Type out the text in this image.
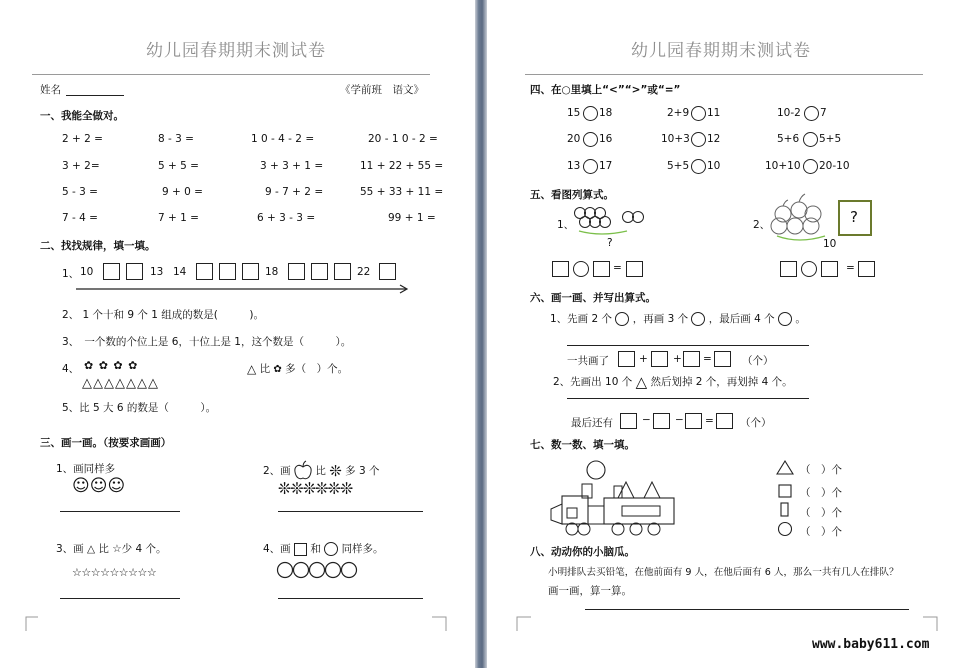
幼儿园春期期末测试卷
姓名	《学前班　语文》
一、我能全做对。
2 + 2 =	8 - 3 =	1 0 - 4 - 2 =	20 - 1 0 - 2 =
3 + 2=	5 + 5 =	3 + 3 + 1 =	11 + 22 + 55 =
5 - 3 =	9 + 0 =	9 - 7 + 2 =	55 + 33 + 11 =
7 - 4 =	7 + 1 =	6 + 3 - 3 =	99 + 1 =
二、找找规律，填一填。
1、 10	13 14	18	22
2、 1 个十和 9 个 1 组成的数是(　　　)。
3、　一个数的个位上是 6，十位上是 1，这个数是（　　　）。
4、 ✿ ✿ ✿ ✿
△△△△△△△
△ 比 ✿ 多（　）个。
5、比 5 大 6 的数是（　　　）。
三、画一画。（按要求画画）
1、画同样多
☺☺☺
2、画 比 ❊ 多 3 个
❊❊❊❊❊❊
3、画 △ 比 ☆少 4 个。
☆☆☆☆☆☆☆☆☆
4、画 和 同样多。
幼儿园春期期末测试卷
四、在○里填上“<”“>”或“=”
15 18	2+9 11	10-2 7
20 16	10+3 12	5+6 5+5
13 17	5+5 10	10+10 20-10
五、看图列算式。
1、
?
=
2、	?
10
=
六、画一画、并写出算式。
1、先画 2 个 ，再画 3 个 ，最后画 4 个 。
一共画了	+ + =	（个）
2、先画出 10 个 △ 然后划掉 2 个，再划掉 4 个。
最后还有	− − = （个）
七、数一数、填一填。
（　）个
（　）个
（　）个
（　）个
八、动动你的小脑瓜。
小明排队去买铅笔，在他前面有 9 人，在他后面有 6 人，那么一共有几人在排队？
画一画，算一算。
www.baby611.com
